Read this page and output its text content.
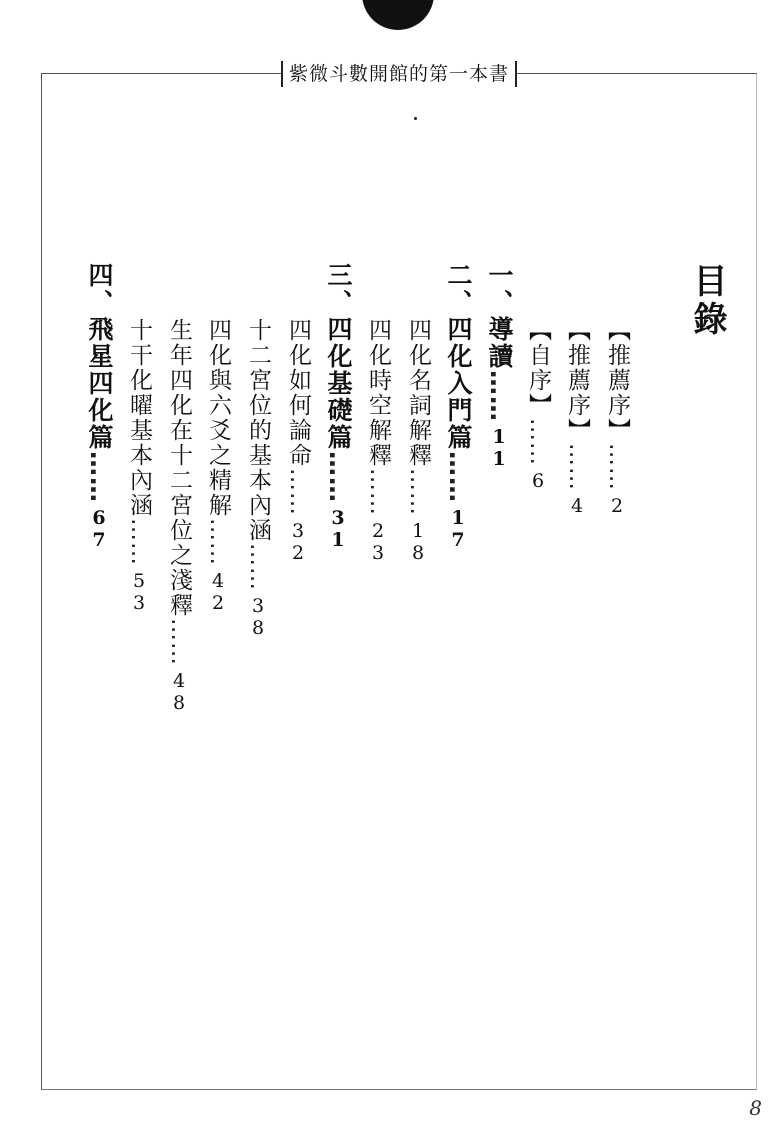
紫微斗數開館的第一本書
目錄
【推薦序】……2
【推薦序】……4
【自序】……6
一、導讀……11
二、四化入門篇……17
四化名詞解釋……18
四化時空解釋……23
三、四化基礎篇……31
四化如何論命……32
十二宮位的基本內涵……38
四化與六爻之精解……42
生年四化在十二宮位之淺釋……48
十干化曜基本內涵……53
四、飛星四化篇……67
8
